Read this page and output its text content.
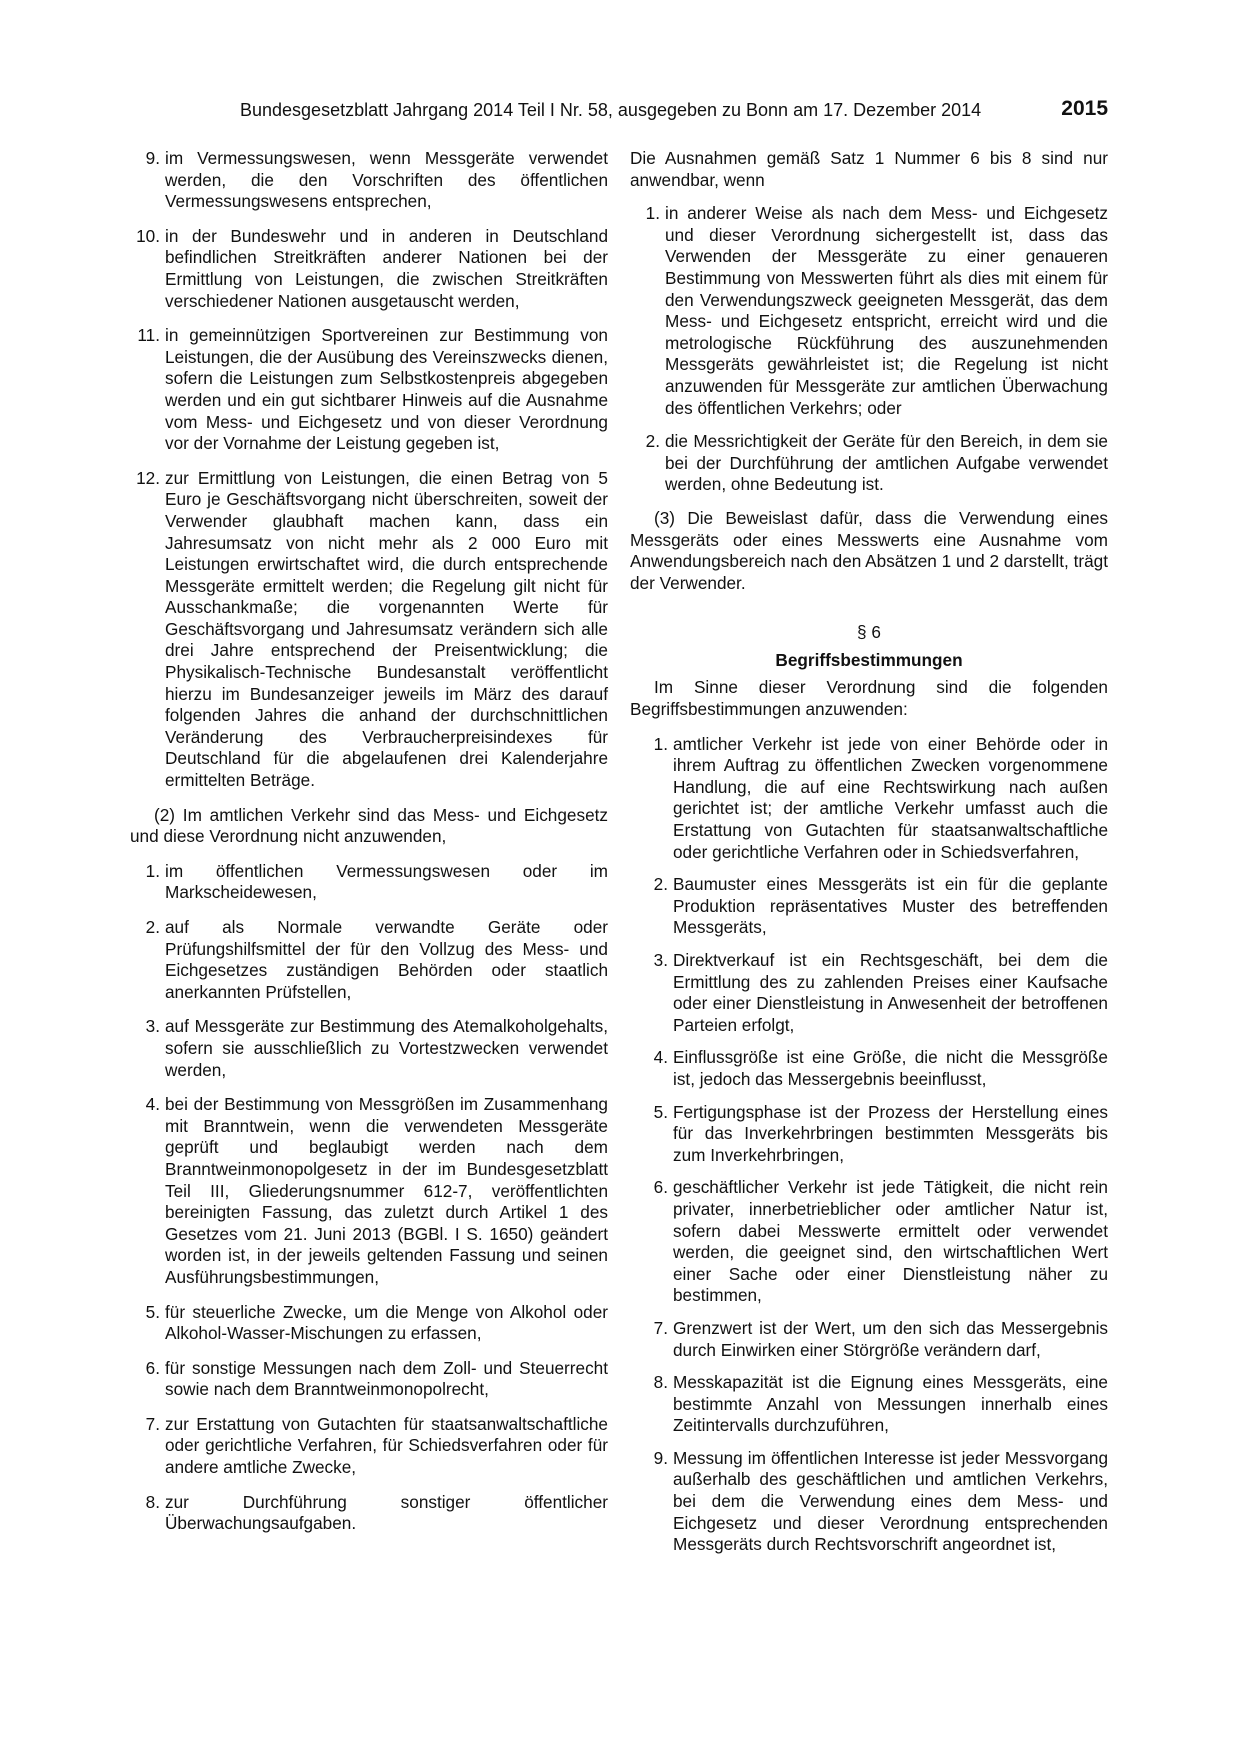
Bundesgesetzblatt Jahrgang 2014 Teil I Nr. 58, ausgegeben zu Bonn am 17. Dezember 2014	2015
9. im Vermessungswesen, wenn Messgeräte verwendet werden, die den Vorschriften des öffentlichen Vermessungswesens entsprechen,
10. in der Bundeswehr und in anderen in Deutschland befindlichen Streitkräften anderer Nationen bei der Ermittlung von Leistungen, die zwischen Streitkräften verschiedener Nationen ausgetauscht werden,
11. in gemeinnützigen Sportvereinen zur Bestimmung von Leistungen, die der Ausübung des Vereinszwecks dienen, sofern die Leistungen zum Selbstkostenpreis abgegeben werden und ein gut sichtbarer Hinweis auf die Ausnahme vom Mess- und Eichgesetz und von dieser Verordnung vor der Vornahme der Leistung gegeben ist,
12. zur Ermittlung von Leistungen, die einen Betrag von 5 Euro je Geschäftsvorgang nicht überschreiten, soweit der Verwender glaubhaft machen kann, dass ein Jahresumsatz von nicht mehr als 2 000 Euro mit Leistungen erwirtschaftet wird, die durch entsprechende Messgeräte ermittelt werden; die Regelung gilt nicht für Ausschankmaße; die vorgenannten Werte für Geschäftsvorgang und Jahresumsatz verändern sich alle drei Jahre entsprechend der Preisentwicklung; die Physikalisch-Technische Bundesanstalt veröffentlicht hierzu im Bundesanzeiger jeweils im März des darauf folgenden Jahres die anhand der durchschnittlichen Veränderung des Verbraucherpreisindexes für Deutschland für die abgelaufenen drei Kalenderjahre ermittelten Beträge.
(2) Im amtlichen Verkehr sind das Mess- und Eichgesetz und diese Verordnung nicht anzuwenden,
1. im öffentlichen Vermessungswesen oder im Markscheidewesen,
2. auf als Normale verwandte Geräte oder Prüfungshilfsmittel der für den Vollzug des Mess- und Eichgesetzes zuständigen Behörden oder staatlich anerkannten Prüfstellen,
3. auf Messgeräte zur Bestimmung des Atemalkoholgehalts, sofern sie ausschließlich zu Vortestzwecken verwendet werden,
4. bei der Bestimmung von Messgrößen im Zusammenhang mit Branntwein, wenn die verwendeten Messgeräte geprüft und beglaubigt werden nach dem Branntweinmonopolgesetz in der im Bundesgesetzblatt Teil III, Gliederungsnummer 612-7, veröffentlichten bereinigten Fassung, das zuletzt durch Artikel 1 des Gesetzes vom 21. Juni 2013 (BGBl. I S. 1650) geändert worden ist, in der jeweils geltenden Fassung und seinen Ausführungsbestimmungen,
5. für steuerliche Zwecke, um die Menge von Alkohol oder Alkohol-Wasser-Mischungen zu erfassen,
6. für sonstige Messungen nach dem Zoll- und Steuerrecht sowie nach dem Branntweinmonopolrecht,
7. zur Erstattung von Gutachten für staatsanwaltschaftliche oder gerichtliche Verfahren, für Schiedsverfahren oder für andere amtliche Zwecke,
8. zur Durchführung sonstiger öffentlicher Überwachungsaufgaben.
Die Ausnahmen gemäß Satz 1 Nummer 6 bis 8 sind nur anwendbar, wenn
1. in anderer Weise als nach dem Mess- und Eichgesetz und dieser Verordnung sichergestellt ist, dass das Verwenden der Messgeräte zu einer genaueren Bestimmung von Messwerten führt als dies mit einem für den Verwendungszweck geeigneten Messgerät, das dem Mess- und Eichgesetz entspricht, erreicht wird und die metrologische Rückführung des auszunehmenden Messgeräts gewährleistet ist; die Regelung ist nicht anzuwenden für Messgeräte zur amtlichen Überwachung des öffentlichen Verkehrs; oder
2. die Messrichtigkeit der Geräte für den Bereich, in dem sie bei der Durchführung der amtlichen Aufgabe verwendet werden, ohne Bedeutung ist.
(3) Die Beweislast dafür, dass die Verwendung eines Messgeräts oder eines Messwerts eine Ausnahme vom Anwendungsbereich nach den Absätzen 1 und 2 darstellt, trägt der Verwender.
§ 6
Begriffsbestimmungen
Im Sinne dieser Verordnung sind die folgenden Begriffsbestimmungen anzuwenden:
1. amtlicher Verkehr ist jede von einer Behörde oder in ihrem Auftrag zu öffentlichen Zwecken vorgenommene Handlung, die auf eine Rechtswirkung nach außen gerichtet ist; der amtliche Verkehr umfasst auch die Erstattung von Gutachten für staatsanwaltschaftliche oder gerichtliche Verfahren oder in Schiedsverfahren,
2. Baumuster eines Messgeräts ist ein für die geplante Produktion repräsentatives Muster des betreffenden Messgeräts,
3. Direktverkauf ist ein Rechtsgeschäft, bei dem die Ermittlung des zu zahlenden Preises einer Kaufsache oder einer Dienstleistung in Anwesenheit der betroffenen Parteien erfolgt,
4. Einflussgröße ist eine Größe, die nicht die Messgröße ist, jedoch das Messergebnis beeinflusst,
5. Fertigungsphase ist der Prozess der Herstellung eines für das Inverkehrbringen bestimmten Messgeräts bis zum Inverkehrbringen,
6. geschäftlicher Verkehr ist jede Tätigkeit, die nicht rein privater, innerbetrieblicher oder amtlicher Natur ist, sofern dabei Messwerte ermittelt oder verwendet werden, die geeignet sind, den wirtschaftlichen Wert einer Sache oder einer Dienstleistung näher zu bestimmen,
7. Grenzwert ist der Wert, um den sich das Messergebnis durch Einwirken einer Störgröße verändern darf,
8. Messkapazität ist die Eignung eines Messgeräts, eine bestimmte Anzahl von Messungen innerhalb eines Zeitintervalls durchzuführen,
9. Messung im öffentlichen Interesse ist jeder Messvorgang außerhalb des geschäftlichen und amtlichen Verkehrs, bei dem die Verwendung eines dem Mess- und Eichgesetz und dieser Verordnung entsprechenden Messgeräts durch Rechtsvorschrift angeordnet ist,
